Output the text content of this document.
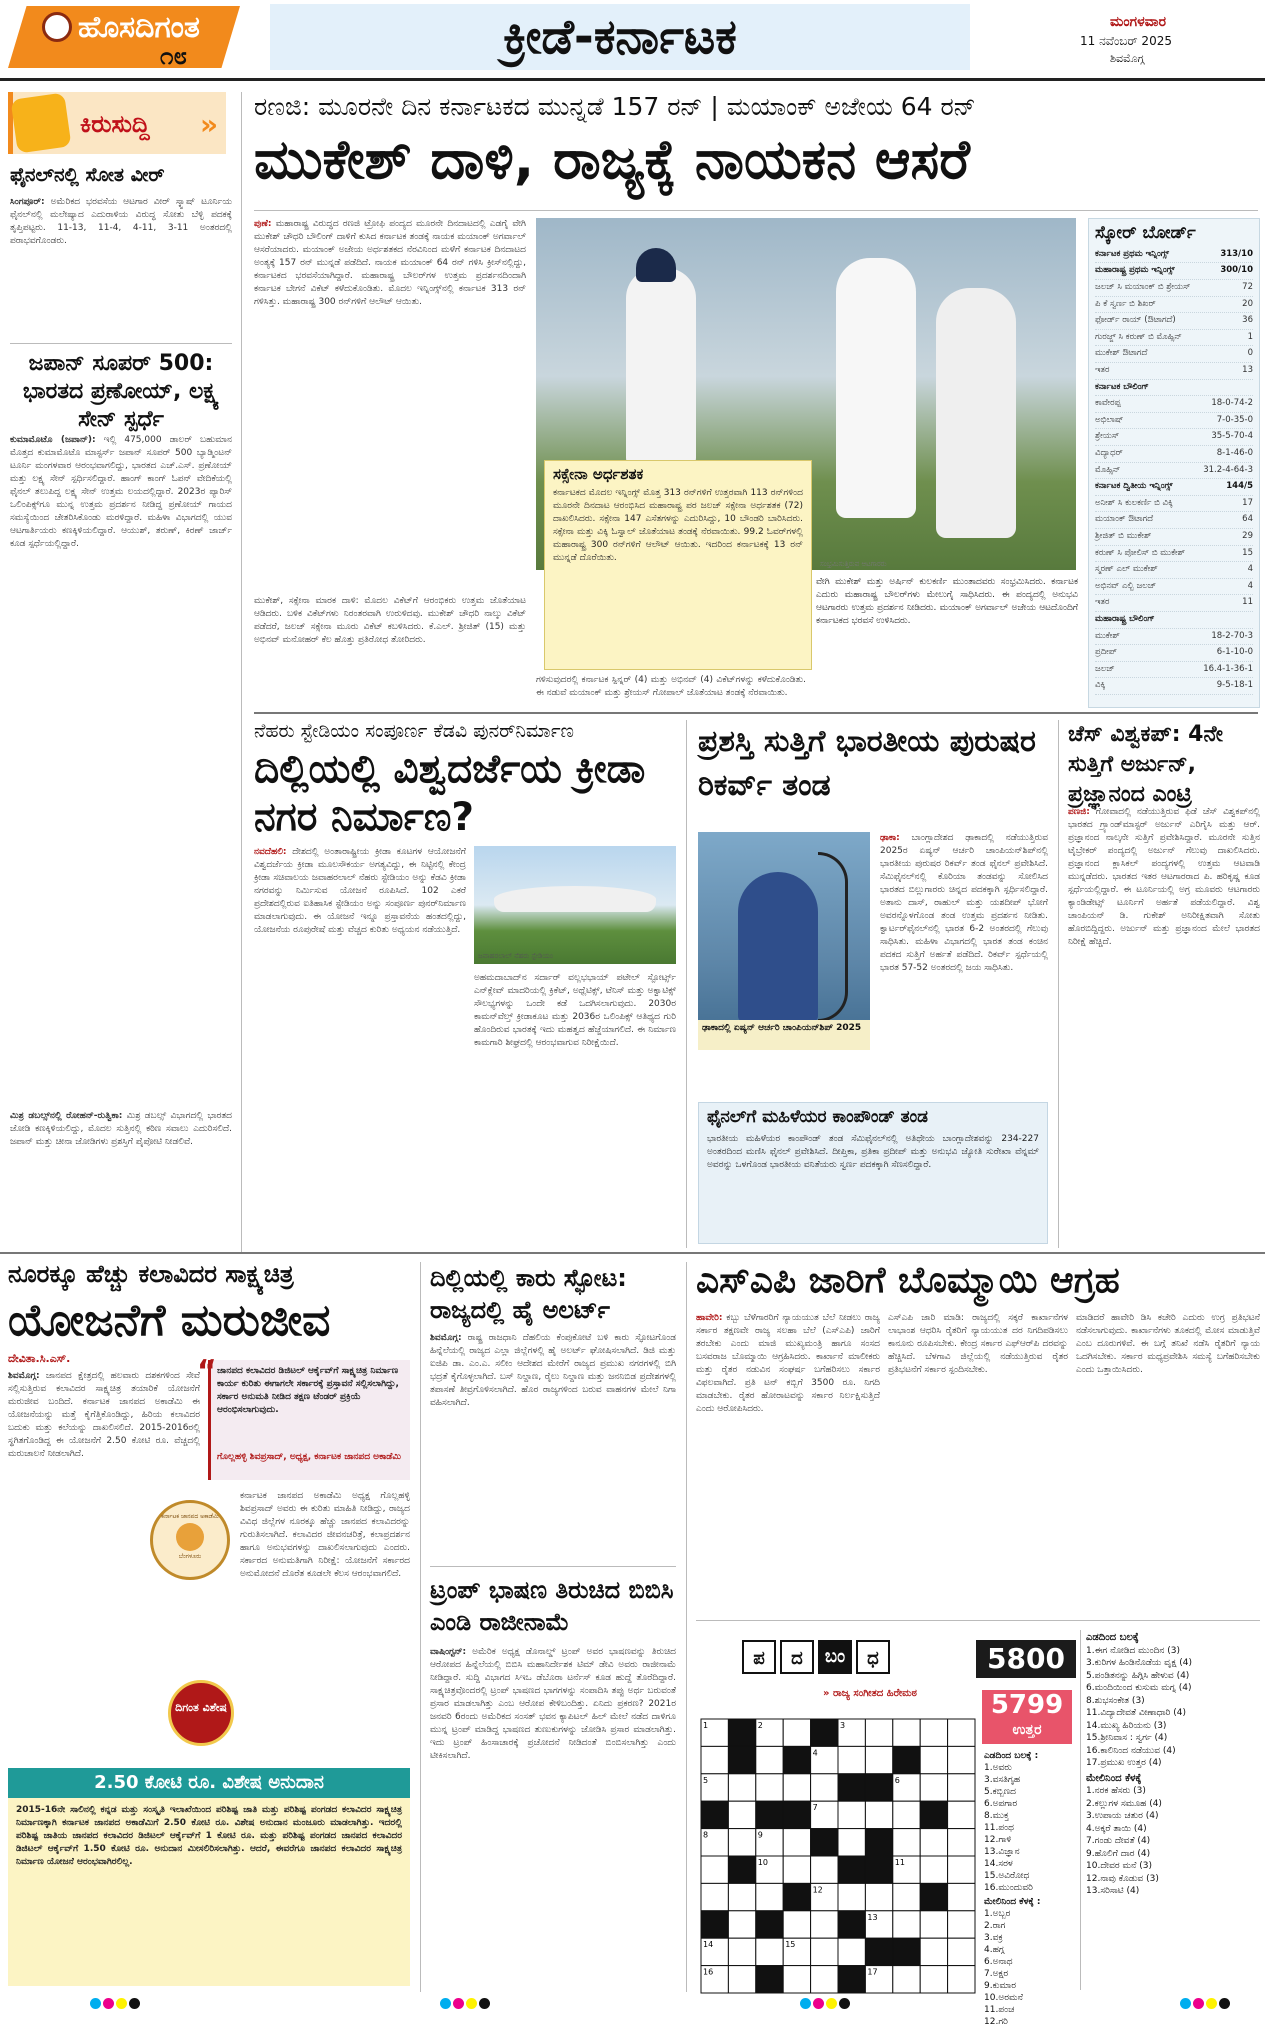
ಹೊಸದಿಗಂತ
೧೮	ಕ್ರೀಡೆ-ಕರ್ನಾಟಕ	ಮಂಗಳವಾರ
11 ನವೆಂಬರ್ 2025
ಶಿವಮೊಗ್ಗ
ಕಿರುಸುದ್ದಿ »
ಫೈನಲ್‌ನಲ್ಲಿ ಸೋತ ವೀರ್
ಸಿಂಗಪೂರ್: ಅಮೆರಿಕದ ಭರವಸೆಯ ಆಟಗಾರ ವೀರ್ ಸ್ಕ್ವಾಷ್ ಟೂರ್ನಿಯ ಫೈನಲ್‌ನಲ್ಲಿ ಮಲೇಷ್ಯಾದ ಎದುರಾಳಿಯ ವಿರುದ್ಧ ಸೋತು ಬೆಳ್ಳಿ ಪದಕಕ್ಕೆ ತೃಪ್ತಿಪಟ್ಟರು. 11-13, 11-4, 4-11, 3-11 ಅಂತರದಲ್ಲಿ ಪರಾಭವಗೊಂಡರು.
ಜಪಾನ್ ಸೂಪರ್ 500: ಭಾರತದ ಪ್ರಣೋಯ್, ಲಕ್ಷ್ಯ ಸೇನ್ ಸ್ಪರ್ಧೆ
ಕುಮಾಮೊಟೊ (ಜಪಾನ್): ಇಲ್ಲಿ 475,000 ಡಾಲರ್ ಬಹುಮಾನ ಮೊತ್ತದ ಕುಮಾಮೊಟೊ ಮಾಸ್ಟರ್ಸ್ ಜಪಾನ್ ಸೂಪರ್ 500 ಬ್ಯಾಡ್ಮಿಂಟನ್ ಟೂರ್ನಿ ಮಂಗಳವಾರ ಆರಂಭವಾಗಲಿದ್ದು, ಭಾರತದ ಎಚ್.ಎಸ್. ಪ್ರಣೋಯ್ ಮತ್ತು ಲಕ್ಷ್ಯ ಸೇನ್ ಸ್ಪರ್ಧಿಸಲಿದ್ದಾರೆ. ಹಾಂಗ್ ಕಾಂಗ್ ಓಪನ್ ವೇದಿಕೆಯಲ್ಲಿ ಫೈನಲ್ ತಲುಪಿದ್ದ ಲಕ್ಷ್ಯ ಸೇನ್ ಉತ್ತಮ ಲಯದಲ್ಲಿದ್ದಾರೆ. 2023ರ ಪ್ಯಾರಿಸ್ ಒಲಿಂಪಿಕ್ಸ್‌ಗೂ ಮುನ್ನ ಉತ್ತಮ ಪ್ರದರ್ಶನ ನೀಡಿದ್ದ ಪ್ರಣೋಯ್ ಗಾಯದ ಸಮಸ್ಯೆಯಿಂದ ಚೇತರಿಸಿಕೊಂಡು ಮರಳಿದ್ದಾರೆ. ಮಹಿಳಾ ವಿಭಾಗದಲ್ಲಿ ಯುವ ಆಟಗಾರ್ತಿಯರು ಕಣಕ್ಕಿಳಿಯಲಿದ್ದಾರೆ. ಆಯುಶ್, ತರುಣ್, ಕಿರಣ್ ಜಾರ್ಜ್ ಕೂಡ ಸ್ಪರ್ಧೆಯಲ್ಲಿದ್ದಾರೆ.
ಮಿಶ್ರ ಡಬಲ್ಸ್‌ನಲ್ಲಿ ರೋಹನ್-ರುತ್ವಿಕಾ: ಮಿಶ್ರ ಡಬಲ್ಸ್ ವಿಭಾಗದಲ್ಲಿ ಭಾರತದ ಜೋಡಿ ಕಣಕ್ಕಿಳಿಯಲಿದ್ದು, ಮೊದಲ ಸುತ್ತಿನಲ್ಲಿ ಕಠಿಣ ಸವಾಲು ಎದುರಿಸಲಿದೆ. ಜಪಾನ್ ಮತ್ತು ಚೀನಾ ಜೋಡಿಗಳು ಪ್ರಶಸ್ತಿಗೆ ಪೈಪೋಟಿ ನೀಡಲಿವೆ.
ರಣಜಿ: ಮೂರನೇ ದಿನ ಕರ್ನಾಟಕದ ಮುನ್ನಡೆ 157 ರನ್ | ಮಯಾಂಕ್ ಅಜೇಯ 64 ರನ್
ಮುಕೇಶ್ ದಾಳಿ, ರಾಜ್ಯಕ್ಕೆ ನಾಯಕನ ಆಸರೆ
ಪುಣೆ: ಮಹಾರಾಷ್ಟ್ರ ವಿರುದ್ಧದ ರಣಜಿ ಟ್ರೋಫಿ ಪಂದ್ಯದ ಮೂರನೇ ದಿನದಾಟದಲ್ಲಿ ಎಡಗೈ ವೇಗಿ ಮುಕೇಶ್ ಚೌಧರಿ ಬೌಲಿಂಗ್ ದಾಳಿಗೆ ಕುಸಿದ ಕರ್ನಾಟಕ ತಂಡಕ್ಕೆ ನಾಯಕ ಮಯಾಂಕ್ ಅಗರ್ವಾಲ್ ಆಸರೆಯಾದರು. ಮಯಾಂಕ್ ಅಜೇಯ ಅರ್ಧಶತಕದ ನೆರವಿನಿಂದ ಮಳೆಗೆ ಕರ್ನಾಟಕ ದಿನದಾಟದ ಅಂತ್ಯಕ್ಕೆ 157 ರನ್ ಮುನ್ನಡೆ ಪಡೆದಿದೆ. ನಾಯಕ ಮಯಾಂಕ್ 64 ರನ್ ಗಳಿಸಿ ಕ್ರೀಸ್‌ನಲ್ಲಿದ್ದು, ಕರ್ನಾಟಕದ ಭರವಸೆಯಾಗಿದ್ದಾರೆ. ಮಹಾರಾಷ್ಟ್ರ ಬೌಲರ್‌ಗಳ ಉತ್ತಮ ಪ್ರದರ್ಶನದಿಂದಾಗಿ ಕರ್ನಾಟಕ ಬೇಗನೆ ವಿಕೆಟ್ ಕಳೆದುಕೊಂಡಿತು. ಮೊದಲ ಇನ್ನಿಂಗ್ಸ್‌ನಲ್ಲಿ ಕರ್ನಾಟಕ 313 ರನ್ ಗಳಿಸಿತ್ತು. ಮಹಾರಾಷ್ಟ್ರ 300 ರನ್‌ಗಳಿಗೆ ಆಲೌಟ್ ಆಯಿತು.
ಮುಕೇಶ್, ಸಕ್ಸೇನಾ ಮಾರಕ ದಾಳಿ: ಮೊದಲ ವಿಕೆಟ್‌ಗೆ ಆರಂಭಿಕರು ಉತ್ತಮ ಜೊತೆಯಾಟ ಆಡಿದರು. ಬಳಿಕ ವಿಕೆಟ್‌ಗಳು ನಿರಂತರವಾಗಿ ಉರುಳಿದವು. ಮುಕೇಶ್ ಚೌಧರಿ ನಾಲ್ಕು ವಿಕೆಟ್ ಪಡೆದರೆ, ಜಲಜ್ ಸಕ್ಸೇನಾ ಮೂರು ವಿಕೆಟ್ ಕಬಳಿಸಿದರು. ಕೆ.ಎಲ್. ಶ್ರೀಜಿತ್ (15) ಮತ್ತು ಅಭಿನವ್ ಮನೋಹರ್ ಕೆಲ ಹೊತ್ತು ಪ್ರತಿರೋಧ ತೋರಿದರು.
ಸಂಭ್ರಮಿಸುತ್ತಿರುವ ಆಟಗಾರರು
ಸಕ್ಸೇನಾ ಅರ್ಧಶತಕ
ಕರ್ನಾಟಕದ ಮೊದಲ ಇನ್ನಿಂಗ್ಸ್ ಮೊತ್ತ 313 ರನ್‌ಗಳಿಗೆ ಉತ್ತರವಾಗಿ 113 ರನ್‌ಗಳಿಂದ ಮೂರನೇ ದಿನದಾಟ ಆರಂಭಿಸಿದ ಮಹಾರಾಷ್ಟ್ರ ಪರ ಜಲಜ್ ಸಕ್ಸೇನಾ ಅರ್ಧಶತಕ (72) ದಾಖಲಿಸಿದರು. ಸಕ್ಸೇನಾ 147 ಎಸೆತಗಳನ್ನು ಎದುರಿಸಿದ್ದು, 10 ಬೌಂಡರಿ ಬಾರಿಸಿದರು. ಸಕ್ಸೇನಾ ಮತ್ತು ವಿಕ್ಕಿ ಓಸ್ವಾಲ್ ಜೊತೆಯಾಟ ತಂಡಕ್ಕೆ ನೆರವಾಯಿತು. 99.2 ಓವರ್‌ಗಳಲ್ಲಿ ಮಹಾರಾಷ್ಟ್ರ 300 ರನ್‌ಗಳಿಗೆ ಆಲೌಟ್ ಆಯಿತು. ಇದರಿಂದ ಕರ್ನಾಟಕಕ್ಕೆ 13 ರನ್ ಮುನ್ನಡೆ ದೊರೆಯಿತು.
ಗಳಿಸುವುದರಲ್ಲಿ ಕರ್ನಾಟಕ ಸ್ಪಿನ್ನರ್ (4) ಮತ್ತು ಅಭಿನವ್ (4) ವಿಕೆಟ್‌ಗಳನ್ನು ಕಳೆದುಕೊಂಡಿತು. ಈ ನಡುವೆ ಮಯಾಂಕ್ ಮತ್ತು ಶ್ರೇಯಸ್ ಗೋಪಾಲ್ ಜೊತೆಯಾಟ ತಂಡಕ್ಕೆ ನೆರವಾಯಿತು.
ವೇಗಿ ಮುಕೇಶ್ ಮತ್ತು ಅರ್ಷಿನ್ ಕುಲಕರ್ಣಿ ಮುಂತಾದವರು ಸಂಭ್ರಮಿಸಿದರು. ಕರ್ನಾಟಕ ಎದುರು ಮಹಾರಾಷ್ಟ್ರ ಬೌಲರ್‌ಗಳು ಮೇಲುಗೈ ಸಾಧಿಸಿದರು. ಈ ಪಂದ್ಯದಲ್ಲಿ ಅನುಭವಿ ಆಟಗಾರರು ಉತ್ತಮ ಪ್ರದರ್ಶನ ನೀಡಿದರು. ಮಯಾಂಕ್ ಅಗರ್ವಾಲ್ ಅಜೇಯ ಆಟದೊಂದಿಗೆ ಕರ್ನಾಟಕದ ಭರವಸೆ ಉಳಿಸಿದರು.
ಸ್ಕೋರ್ ಬೋರ್ಡ್
ಕರ್ನಾಟಕ ಪ್ರಥಮ ಇನ್ನಿಂಗ್ಸ್	313/10
ಮಹಾರಾಷ್ಟ್ರ ಪ್ರಥಮ ಇನ್ನಿಂಗ್ಸ್	300/10
ಜಲಜ್ ಸಿ ಮಯಾಂಕ್ ಬಿ ಶ್ರೇಯಸ್	72
ಪಿ ಕೆ ಸ್ವರ್ಣ ಬಿ ಶಿಖರ್	20
ಫೋರ್ಡ್ ರಾಯ್ (ಔಟಾಗದೆ)	36
ಗುರಜ್ಜ್ ಸಿ ಕರುಣ್ ಬಿ ಮೊಹ್ಸಿನ್	1
ಮುಕೇಶ್ ಔಟಾಗದೆ	0
ಇತರ	13
ಕರ್ನಾಟಕ ಬೌಲಿಂಗ್
ಕಾವೇರಪ್ಪ	18-0-74-2
ಅಭಿಲಾಷ್	7-0-35-0
ಶ್ರೇಯಸ್	35-5-70-4
ವಿದ್ಯಾಧರ್	8-1-46-0
ಮೊಹ್ಸಿನ್	31.2-4-64-3
ಕರ್ನಾಟಕ ದ್ವಿತೀಯ ಇನ್ನಿಂಗ್ಸ್	144/5
ಅನೀಶ್ ಸಿ ಕುಲಕರ್ಣಿ ಬಿ ವಿಕ್ಕಿ	17
ಮಯಾಂಕ್ ಔಟಾಗದೆ	64
ಶ್ರೀಜಿತ್ ಬಿ ಮುಕೇಶ್	29
ಕರುಣ್ ಸಿ ಪೋಲಿಸ್ ಬಿ ಮುಕೇಶ್	15
ಸ್ಮರಣ್ ಎಲ್ ಮುಕೇಶ್	4
ಅಭಿನವ್ ಎಲ್ಬಿ ಜಲಜ್	4
ಇತರ	11
ಮಹಾರಾಷ್ಟ್ರ ಬೌಲಿಂಗ್
ಮುಕೇಶ್	18-2-70-3
ಪ್ರದೀಪ್	6-1-10-0
ಜಲಜ್	16.4-1-36-1
ವಿಕ್ಕಿ	9-5-18-1
ನೆಹರು ಸ್ಟೇಡಿಯಂ ಸಂಪೂರ್ಣ ಕೆಡವಿ ಪುನರ್‌ನಿರ್ಮಾಣ
ದಿಲ್ಲಿಯಲ್ಲಿ ವಿಶ್ವದರ್ಜೆಯ ಕ್ರೀಡಾ ನಗರ ನಿರ್ಮಾಣ?
ಜವಾಹರಲಾಲ್ ನೆಹರು ಸ್ಟೇಡಿಯಂ
ನವದೆಹಲಿ: ದೇಶದಲ್ಲಿ ಅಂತಾರಾಷ್ಟ್ರೀಯ ಕ್ರೀಡಾ ಕೂಟಗಳ ಆಯೋಜನೆಗೆ ವಿಶ್ವದರ್ಜೆಯ ಕ್ರೀಡಾ ಮೂಲಸೌಕರ್ಯ ಅಗತ್ಯವಿದ್ದು, ಈ ನಿಟ್ಟಿನಲ್ಲಿ ಕೇಂದ್ರ ಕ್ರೀಡಾ ಸಚಿವಾಲಯ ಜವಾಹರಲಾಲ್ ನೆಹರು ಸ್ಟೇಡಿಯಂ ಅನ್ನು ಕೆಡವಿ ಕ್ರೀಡಾ ನಗರವನ್ನು ನಿರ್ಮಿಸುವ ಯೋಜನೆ ರೂಪಿಸಿದೆ. 102 ಎಕರೆ ಪ್ರದೇಶದಲ್ಲಿರುವ ಐತಿಹಾಸಿಕ ಸ್ಟೇಡಿಯಂ ಅನ್ನು ಸಂಪೂರ್ಣ ಪುನರ್‌ನಿರ್ಮಾಣ ಮಾಡಲಾಗುವುದು. ಈ ಯೋಜನೆ ಇನ್ನೂ ಪ್ರಸ್ತಾವನೆಯ ಹಂತದಲ್ಲಿದ್ದು, ಯೋಜನೆಯ ರೂಪುರೇಷೆ ಮತ್ತು ವೆಚ್ಚದ ಕುರಿತು ಅಧ್ಯಯನ ನಡೆಯುತ್ತಿದೆ.
ಅಹಮದಾಬಾದ್‌ನ ಸರ್ದಾರ್ ವಲ್ಲಭಭಾಯ್ ಪಟೇಲ್ ಸ್ಪೋರ್ಟ್ಸ್ ಎನ್‌ಕ್ಲೇವ್ ಮಾದರಿಯಲ್ಲಿ ಕ್ರಿಕೆಟ್, ಅಥ್ಲೆಟಿಕ್ಸ್, ಟೆನಿಸ್ ಮತ್ತು ಅಕ್ವಾಟಿಕ್ಸ್ ಸೌಲಭ್ಯಗಳನ್ನು ಒಂದೇ ಕಡೆ ಒದಗಿಸಲಾಗುವುದು. 2030ರ ಕಾಮನ್‌ವೆಲ್ತ್ ಕ್ರೀಡಾಕೂಟ ಮತ್ತು 2036ರ ಒಲಿಂಪಿಕ್ಸ್ ಆತಿಥ್ಯದ ಗುರಿ ಹೊಂದಿರುವ ಭಾರತಕ್ಕೆ ಇದು ಮಹತ್ವದ ಹೆಜ್ಜೆಯಾಗಲಿದೆ. ಈ ನಿರ್ಮಾಣ ಕಾಮಗಾರಿ ಶೀಘ್ರದಲ್ಲಿ ಆರಂಭವಾಗುವ ನಿರೀಕ್ಷೆಯಿದೆ.
ಪ್ರಶಸ್ತಿ ಸುತ್ತಿಗೆ ಭಾರತೀಯ ಪುರುಷರ ರಿಕರ್ವ್ ತಂಡ
ಢಾಕಾದಲ್ಲಿ ಏಷ್ಯನ್ ಆರ್ಚರಿ ಚಾಂಪಿಯನ್‌ಶಿಪ್ 2025
ಢಾಕಾ: ಬಾಂಗ್ಲಾದೇಶದ ಢಾಕಾದಲ್ಲಿ ನಡೆಯುತ್ತಿರುವ 2025ರ ಏಷ್ಯನ್ ಆರ್ಚರಿ ಚಾಂಪಿಯನ್‌ಶಿಪ್‌ನಲ್ಲಿ ಭಾರತೀಯ ಪುರುಷರ ರಿಕರ್ವ್ ತಂಡ ಫೈನಲ್ ಪ್ರವೇಶಿಸಿದೆ. ಸೆಮಿಫೈನಲ್‌ನಲ್ಲಿ ಕೊರಿಯಾ ತಂಡವನ್ನು ಸೋಲಿಸಿದ ಭಾರತದ ಬಿಲ್ಲುಗಾರರು ಚಿನ್ನದ ಪದಕಕ್ಕಾಗಿ ಸ್ಪರ್ಧಿಸಲಿದ್ದಾರೆ. ಅತಾನು ದಾಸ್, ರಾಹುಲ್ ಮತ್ತು ಯಶದೀಪ್ ಭೋಗೆ ಅವರನ್ನೊಳಗೊಂಡ ತಂಡ ಉತ್ತಮ ಪ್ರದರ್ಶನ ನೀಡಿತು. ಕ್ವಾರ್ಟರ್‌ಫೈನಲ್‌ನಲ್ಲಿ ಭಾರತ 6-2 ಅಂತರದಲ್ಲಿ ಗೆಲುವು ಸಾಧಿಸಿತು. ಮಹಿಳಾ ವಿಭಾಗದಲ್ಲಿ ಭಾರತ ತಂಡ ಕಂಚಿನ ಪದಕದ ಸುತ್ತಿಗೆ ಅರ್ಹತೆ ಪಡೆದಿದೆ. ರಿಕರ್ವ್ ಸ್ಪರ್ಧೆಯಲ್ಲಿ ಭಾರತ 57-52 ಅಂತರದಲ್ಲಿ ಜಯ ಸಾಧಿಸಿತು.
ಫೈನಲ್‌ಗೆ ಮಹಿಳೆಯರ ಕಾಂಪೌಂಡ್ ತಂಡ
ಭಾರತೀಯ ಮಹಿಳೆಯರ ಕಾಂಪೌಂಡ್ ತಂಡ ಸೆಮಿಫೈನಲ್‌ನಲ್ಲಿ ಅತಿಥೇಯ ಬಾಂಗ್ಲಾದೇಶವನ್ನು 234-227 ಅಂತರದಿಂದ ಮಣಿಸಿ ಫೈನಲ್ ಪ್ರವೇಶಿಸಿದೆ. ದೀಪ್ತಿಕಾ, ಪ್ರತಿಕಾ ಪ್ರದೀಪ್ ಮತ್ತು ಅನುಭವಿ ಜ್ಯೋತಿ ಸುರೇಖಾ ವೆನ್ನಮ್ ಅವರನ್ನು ಒಳಗೊಂಡ ಭಾರತೀಯ ವನಿತೆಯರು ಸ್ವರ್ಣ ಪದಕಕ್ಕಾಗಿ ಸೆಣಸಲಿದ್ದಾರೆ.
ಚೆಸ್ ವಿಶ್ವಕಪ್: 4ನೇ ಸುತ್ತಿಗೆ ಅರ್ಜುನ್, ಪ್ರಜ್ಞಾನಂದ ಎಂಟ್ರಿ
ಪಣಜಿ: ಗೋವಾದಲ್ಲಿ ನಡೆಯುತ್ತಿರುವ ಫಿಡೆ ಚೆಸ್ ವಿಶ್ವಕಪ್‌ನಲ್ಲಿ ಭಾರತದ ಗ್ರ್ಯಾಂಡ್‌ಮಾಸ್ಟರ್ ಅರ್ಜುನ್ ಎರಿಗೈಸಿ ಮತ್ತು ಆರ್. ಪ್ರಜ್ಞಾನಂದ ನಾಲ್ಕನೇ ಸುತ್ತಿಗೆ ಪ್ರವೇಶಿಸಿದ್ದಾರೆ. ಮೂರನೇ ಸುತ್ತಿನ ಟೈಬ್ರೇಕರ್ ಪಂದ್ಯದಲ್ಲಿ ಅರ್ಜುನ್ ಗೆಲುವು ದಾಖಲಿಸಿದರು. ಪ್ರಜ್ಞಾನಂದ ಕ್ಲಾಸಿಕಲ್ ಪಂದ್ಯಗಳಲ್ಲಿ ಉತ್ತಮ ಆಟವಾಡಿ ಮುನ್ನಡೆದರು. ಭಾರತದ ಇತರ ಆಟಗಾರರಾದ ಪಿ. ಹರಿಕೃಷ್ಣ ಕೂಡ ಸ್ಪರ್ಧೆಯಲ್ಲಿದ್ದಾರೆ. ಈ ಟೂರ್ನಿಯಲ್ಲಿ ಅಗ್ರ ಮೂವರು ಆಟಗಾರರು ಕ್ಯಾಂಡಿಡೇಟ್ಸ್ ಟೂರ್ನಿಗೆ ಅರ್ಹತೆ ಪಡೆಯಲಿದ್ದಾರೆ. ವಿಶ್ವ ಚಾಂಪಿಯನ್ ಡಿ. ಗುಕೇಶ್ ಅನಿರೀಕ್ಷಿತವಾಗಿ ಸೋತು ಹೊರಬಿದ್ದಿದ್ದರು. ಅರ್ಜುನ್ ಮತ್ತು ಪ್ರಜ್ಞಾನಂದ ಮೇಲೆ ಭಾರತದ ನಿರೀಕ್ಷೆ ಹೆಚ್ಚಿದೆ.
ನೂರಕ್ಕೂ ಹೆಚ್ಚು ಕಲಾವಿದರ ಸಾಕ್ಷ್ಯಚಿತ್ರ
ಯೋಜನೆಗೆ ಮರುಜೀವ
ದೇವಿತಾ.ಸಿ.ಎಸ್.
ಶಿವಮೊಗ್ಗ: ಜಾನಪದ ಕ್ಷೇತ್ರದಲ್ಲಿ ಹಲವಾರು ದಶಕಗಳಿಂದ ಸೇವೆ ಸಲ್ಲಿಸುತ್ತಿರುವ ಕಲಾವಿದರ ಸಾಕ್ಷ್ಯಚಿತ್ರ ತಯಾರಿಕೆ ಯೋಜನೆಗೆ ಮರುಜೀವ ಬಂದಿದೆ. ಕರ್ನಾಟಕ ಜಾನಪದ ಅಕಾಡೆಮಿ ಈ ಯೋಜನೆಯನ್ನು ಮತ್ತೆ ಕೈಗೆತ್ತಿಕೊಂಡಿದ್ದು, ಹಿರಿಯ ಕಲಾವಿದರ ಬದುಕು ಮತ್ತು ಕಲೆಯನ್ನು ದಾಖಲಿಸಲಿದೆ. 2015-2016ರಲ್ಲಿ ಸ್ಥಗಿತಗೊಂಡಿದ್ದ ಈ ಯೋಜನೆಗೆ 2.50 ಕೋಟಿ ರೂ. ವೆಚ್ಚದಲ್ಲಿ ಮರುಚಾಲನೆ ನೀಡಲಾಗಿದೆ.
“ ಜಾನಪದ ಕಲಾವಿದರ ಡಿಜಿಟಲ್ ಆರ್ಕೈವ್‌ಗೆ ಸಾಕ್ಷ್ಯಚಿತ್ರ ನಿರ್ಮಾಣ ಕಾರ್ಯ ಕುರಿತು ಈಗಾಗಲೇ ಸರ್ಕಾರಕ್ಕೆ ಪ್ರಸ್ತಾವನೆ ಸಲ್ಲಿಸಲಾಗಿದ್ದು, ಸರ್ಕಾರ ಅನುಮತಿ ನೀಡಿದ ತಕ್ಷಣ ಟೆಂಡರ್ ಪ್ರಕ್ರಿಯೆ ಆರಂಭಿಸಲಾಗುವುದು.
ಗೊಲ್ಲಹಳ್ಳಿ ಶಿವಪ್ರಸಾದ್, ಅಧ್ಯಕ್ಷ, ಕರ್ನಾಟಕ ಜಾನಪದ ಅಕಾಡೆಮಿ
ಕರ್ನಾಟಕ ಜಾನಪದ ಅಕಾಡೆಮಿ
ಬೆಂಗಳೂರು
ಕರ್ನಾಟಕ ಜಾನಪದ ಅಕಾಡೆಮಿ ಅಧ್ಯಕ್ಷ ಗೊಲ್ಲಹಳ್ಳಿ ಶಿವಪ್ರಸಾದ್ ಅವರು ಈ ಕುರಿತು ಮಾಹಿತಿ ನೀಡಿದ್ದು, ರಾಜ್ಯದ ವಿವಿಧ ಜಿಲ್ಲೆಗಳ ನೂರಕ್ಕೂ ಹೆಚ್ಚು ಜಾನಪದ ಕಲಾವಿದರನ್ನು ಗುರುತಿಸಲಾಗಿದೆ. ಕಲಾವಿದರ ಜೀವನಚರಿತ್ರೆ, ಕಲಾಪ್ರದರ್ಶನ ಹಾಗೂ ಅನುಭವಗಳನ್ನು ದಾಖಲಿಸಲಾಗುವುದು ಎಂದರು. ಸರ್ಕಾರದ ಅನುಮತಿಗಾಗಿ ನಿರೀಕ್ಷೆ: ಯೋಜನೆಗೆ ಸರ್ಕಾರದ ಅನುಮೋದನೆ ದೊರೆತ ಕೂಡಲೇ ಕೆಲಸ ಆರಂಭವಾಗಲಿದೆ.
ದಿಗಂತ ವಿಶೇಷ
2.50 ಕೋಟಿ ರೂ. ವಿಶೇಷ ಅನುದಾನ
2015-16ನೇ ಸಾಲಿನಲ್ಲಿ ಕನ್ನಡ ಮತ್ತು ಸಂಸ್ಕೃತಿ ಇಲಾಖೆಯಿಂದ ಪರಿಶಿಷ್ಟ ಜಾತಿ ಮತ್ತು ಪರಿಶಿಷ್ಟ ಪಂಗಡದ ಕಲಾವಿದರ ಸಾಕ್ಷ್ಯಚಿತ್ರ ನಿರ್ಮಾಣಕ್ಕಾಗಿ ಕರ್ನಾಟಕ ಜಾನಪದ ಅಕಾಡೆಮಿಗೆ 2.50 ಕೋಟಿ ರೂ. ವಿಶೇಷ ಅನುದಾನ ಮಂಜೂರು ಮಾಡಲಾಗಿತ್ತು. ಇದರಲ್ಲಿ ಪರಿಶಿಷ್ಟ ಜಾತಿಯ ಜಾನಪದ ಕಲಾವಿದರ ಡಿಜಿಟಲ್ ಆರ್ಕೈವ್‌ಗೆ 1 ಕೋಟಿ ರೂ. ಮತ್ತು ಪರಿಶಿಷ್ಟ ಪಂಗಡದ ಜಾನಪದ ಕಲಾವಿದರ ಡಿಜಿಟಲ್ ಆರ್ಕೈವ್‌ಗೆ 1.50 ಕೋಟಿ ರೂ. ಅನುದಾನ ಮೀಸಲಿರಿಸಲಾಗಿತ್ತು. ಆದರೆ, ಈವರೆಗೂ ಜಾನಪದ ಕಲಾವಿದರ ಸಾಕ್ಷ್ಯಚಿತ್ರ ನಿರ್ಮಾಣ ಯೋಜನೆ ಆರಂಭವಾಗಿರಲಿಲ್ಲ.
ದಿಲ್ಲಿಯಲ್ಲಿ ಕಾರು ಸ್ಫೋಟ: ರಾಜ್ಯದಲ್ಲಿ ಹೈ ಅಲರ್ಟ್
ಶಿವಮೊಗ್ಗ: ರಾಷ್ಟ್ರ ರಾಜಧಾನಿ ದೆಹಲಿಯ ಕೆಂಪುಕೋಟೆ ಬಳಿ ಕಾರು ಸ್ಫೋಟಗೊಂಡ ಹಿನ್ನೆಲೆಯಲ್ಲಿ ರಾಜ್ಯದ ಎಲ್ಲಾ ಜಿಲ್ಲೆಗಳಲ್ಲಿ ಹೈ ಅಲರ್ಟ್ ಘೋಷಿಸಲಾಗಿದೆ. ಡಿಜಿ ಮತ್ತು ಐಜಿಪಿ ಡಾ. ಎಂ.ಎ. ಸಲೀಂ ಆದೇಶದ ಮೇರೆಗೆ ರಾಜ್ಯದ ಪ್ರಮುಖ ನಗರಗಳಲ್ಲಿ ಬಿಗಿ ಭದ್ರತೆ ಕೈಗೊಳ್ಳಲಾಗಿದೆ. ಬಸ್ ನಿಲ್ದಾಣ, ರೈಲು ನಿಲ್ದಾಣ ಮತ್ತು ಜನನಿಬಿಡ ಪ್ರದೇಶಗಳಲ್ಲಿ ತಪಾಸಣೆ ತೀವ್ರಗೊಳಿಸಲಾಗಿದೆ. ಹೊರ ರಾಜ್ಯಗಳಿಂದ ಬರುವ ವಾಹನಗಳ ಮೇಲೆ ನಿಗಾ ವಹಿಸಲಾಗಿದೆ.
ಟ್ರಂಪ್ ಭಾಷಣ ತಿರುಚಿದ ಬಿಬಿಸಿ ಎಂಡಿ ರಾಜೀನಾಮೆ
ವಾಷಿಂಗ್ಟನ್: ಅಮೆರಿಕ ಅಧ್ಯಕ್ಷ ಡೊನಾಲ್ಡ್ ಟ್ರಂಪ್ ಅವರ ಭಾಷಣವನ್ನು ತಿರುಚಿದ ಆರೋಪದ ಹಿನ್ನೆಲೆಯಲ್ಲಿ ಬಿಬಿಸಿ ಮಹಾನಿರ್ದೇಶಕ ಟಿಮ್ ಡೇವಿ ಅವರು ರಾಜೀನಾಮೆ ನೀಡಿದ್ದಾರೆ. ಸುದ್ದಿ ವಿಭಾಗದ ಸಿಇಒ ಡೆಬೊರಾ ಟರ್ನೆಸ್ ಕೂಡ ಹುದ್ದೆ ತೊರೆದಿದ್ದಾರೆ. ಸಾಕ್ಷ್ಯಚಿತ್ರವೊಂದರಲ್ಲಿ ಟ್ರಂಪ್ ಭಾಷಣದ ಭಾಗಗಳನ್ನು ಸಂಪಾದಿಸಿ ತಪ್ಪು ಅರ್ಥ ಬರುವಂತೆ ಪ್ರಸಾರ ಮಾಡಲಾಗಿತ್ತು ಎಂಬ ಆರೋಪ ಕೇಳಿಬಂದಿತ್ತು. ಏನಿದು ಪ್ರಕರಣ? 2021ರ ಜನವರಿ 6ರಂದು ಅಮೆರಿಕದ ಸಂಸತ್ ಭವನ ಕ್ಯಾಪಿಟಲ್ ಹಿಲ್ ಮೇಲೆ ನಡೆದ ದಾಳಿಗೂ ಮುನ್ನ ಟ್ರಂಪ್ ಮಾಡಿದ್ದ ಭಾಷಣದ ತುಣುಕುಗಳನ್ನು ಜೋಡಿಸಿ ಪ್ರಸಾರ ಮಾಡಲಾಗಿತ್ತು. ಇದು ಟ್ರಂಪ್ ಹಿಂಸಾಚಾರಕ್ಕೆ ಪ್ರಚೋದನೆ ನೀಡಿದಂತೆ ಬಿಂಬಿಸಲಾಗಿತ್ತು ಎಂದು ಟೀಕಿಸಲಾಗಿದೆ.
ಎಸ್‌ಎಪಿ ಜಾರಿಗೆ ಬೊಮ್ಮಾಯಿ ಆಗ್ರಹ
ಹಾವೇರಿ: ಕಬ್ಬು ಬೆಳೆಗಾರರಿಗೆ ನ್ಯಾಯಯುತ ಬೆಲೆ ನೀಡಲು ರಾಜ್ಯ ಸರ್ಕಾರ ತಕ್ಷಣವೇ ರಾಜ್ಯ ಸಲಹಾ ಬೆಲೆ (ಎಸ್‌ಎಪಿ) ಜಾರಿಗೆ ತರಬೇಕು ಎಂದು ಮಾಜಿ ಮುಖ್ಯಮಂತ್ರಿ ಹಾಗೂ ಸಂಸದ ಬಸವರಾಜ ಬೊಮ್ಮಾಯಿ ಆಗ್ರಹಿಸಿದರು. ಕಾರ್ಖಾನೆ ಮಾಲೀಕರು ಮತ್ತು ರೈತರ ನಡುವಿನ ಸಂಘರ್ಷ ಬಗೆಹರಿಸಲು ಸರ್ಕಾರ ವಿಫಲವಾಗಿದೆ. ಪ್ರತಿ ಟನ್ ಕಬ್ಬಿಗೆ 3500 ರೂ. ನಿಗದಿ ಮಾಡಬೇಕು. ರೈತರ ಹೋರಾಟವನ್ನು ಸರ್ಕಾರ ನಿರ್ಲಕ್ಷಿಸುತ್ತಿದೆ ಎಂದು ಆರೋಪಿಸಿದರು.
ಎಸ್‌ಎಪಿ ಜಾರಿ ಮಾಡಿ: ರಾಜ್ಯದಲ್ಲಿ ಸಕ್ಕರೆ ಕಾರ್ಖಾನೆಗಳ ಲಾಭಾಂಶ ಆಧರಿಸಿ ರೈತರಿಗೆ ನ್ಯಾಯಯುತ ದರ ನಿಗದಿಪಡಿಸಲು ಕಾನೂನು ರೂಪಿಸಬೇಕು. ಕೇಂದ್ರ ಸರ್ಕಾರ ಎಫ್‌ಆರ್‌ಪಿ ದರವನ್ನು ಹೆಚ್ಚಿಸಿದೆ. ಬೆಳಗಾವಿ ಜಿಲ್ಲೆಯಲ್ಲಿ ನಡೆಯುತ್ತಿರುವ ರೈತರ ಪ್ರತಿಭಟನೆಗೆ ಸರ್ಕಾರ ಸ್ಪಂದಿಸಬೇಕು.
ಮಾಡಿದರೆ ಹಾವೇರಿ ಡಿಸಿ ಕಚೇರಿ ಎದುರು ಉಗ್ರ ಪ್ರತಿಭಟನೆ ನಡೆಸಲಾಗುವುದು. ಕಾರ್ಖಾನೆಗಳು ತೂಕದಲ್ಲಿ ಮೋಸ ಮಾಡುತ್ತಿವೆ ಎಂಬ ದೂರುಗಳಿವೆ. ಈ ಬಗ್ಗೆ ತನಿಖೆ ನಡೆಸಿ ರೈತರಿಗೆ ನ್ಯಾಯ ಒದಗಿಸಬೇಕು. ಸರ್ಕಾರ ಮಧ್ಯಪ್ರವೇಶಿಸಿ ಸಮಸ್ಯೆ ಬಗೆಹರಿಸಬೇಕು ಎಂದು ಒತ್ತಾಯಿಸಿದರು.
ಪ	ದ	ಬಂ	ಧ	5800
5799
ಉತ್ತರ
» ರಾಜ್ಯ ಸಂಗೀತದ ಹಿರೇಮಠ
1	2	3
4
5	6
7
8	9
10	11
12
13
14	15
16	17
ಎಡದಿಂದ ಬಲಕ್ಕೆ :
1.ಅವರು
3.ವಸತಿಗೃಹ
5.ಕಬ್ಬಿಣದ
6.ಅಪಗಾರ
8.ಮುಕ್ತ
11.ಪಂಥ
12.ಗಾಳಿ
13.ವಿಜ್ಞಾನ
14.ಸರಳ
15.ಅವಿರೋಧ
16.ಮುಂದುವರಿ
ಮೇಲಿನಿಂದ ಕೆಳಕ್ಕೆ :
1.ಅಬ್ಬರ
2.ರಾಗ
3.ವಕ್ರ
4.ಹಗ್ಗ
6.ಅನಾಥ
7.ಅಕ್ಷರ
9.ಕುಮಾರ
10.ಅರಮನೆ
11.ಪಂಚ
12.ಗರಿ
ಎಡದಿಂದ ಬಲಕ್ಕೆ
1.ಈಗ ನೋಡಿದ ಮುಂದಿನ (3)
3.ಕುರಿಗಳ ಹಿಂಡಿನೊಡೆಯ ವೃಕ್ಷ (4)
5.ಪಂಡಿತನನ್ನು ಹಿಗ್ಗಿಸಿ ಹೇಳುವ (4)
6.ಮಂದಿಯಿಂದ ಕುಸುಮ ಮಗ್ನ (4)
8.ಶುಭಸಂಕೇತ (3)
11.ವಿದ್ಯಾದೇವತೆ ವೀಣಾಧಾರಿ (4)
14.ಮುಖ್ಯ ಹಿರಿಯನು (3)
15.ಶ್ರೀನಿವಾಸ : ಸ್ವರ್ಗ (4)
16.ಕಾಲಿನಿಂದ ನಡೆಯುವ (4)
17.ಪ್ರಮುಖ ಉತ್ತರ (4)
ಮೇಲಿನಿಂದ ಕೆಳಕ್ಕೆ
1.ನರಕ ಹೆಸರು (3)
2.ಕಲ್ಲುಗಳ ಸಮೂಹ (4)
3.ಉಪಾಯ ಚತುರ (4)
4.ಅಕ್ಕರೆ ತಾಯಿ (4)
7.ಗಂಡು ದೇವತೆ (4)
9.ಹೊಲಿಗೆ ದಾರ (4)
10.ದೇವರ ಮನೆ (3)
12.ನಾವು ಕೊಡುವ (3)
13.ಸರಿಸಾಟಿ (4)
